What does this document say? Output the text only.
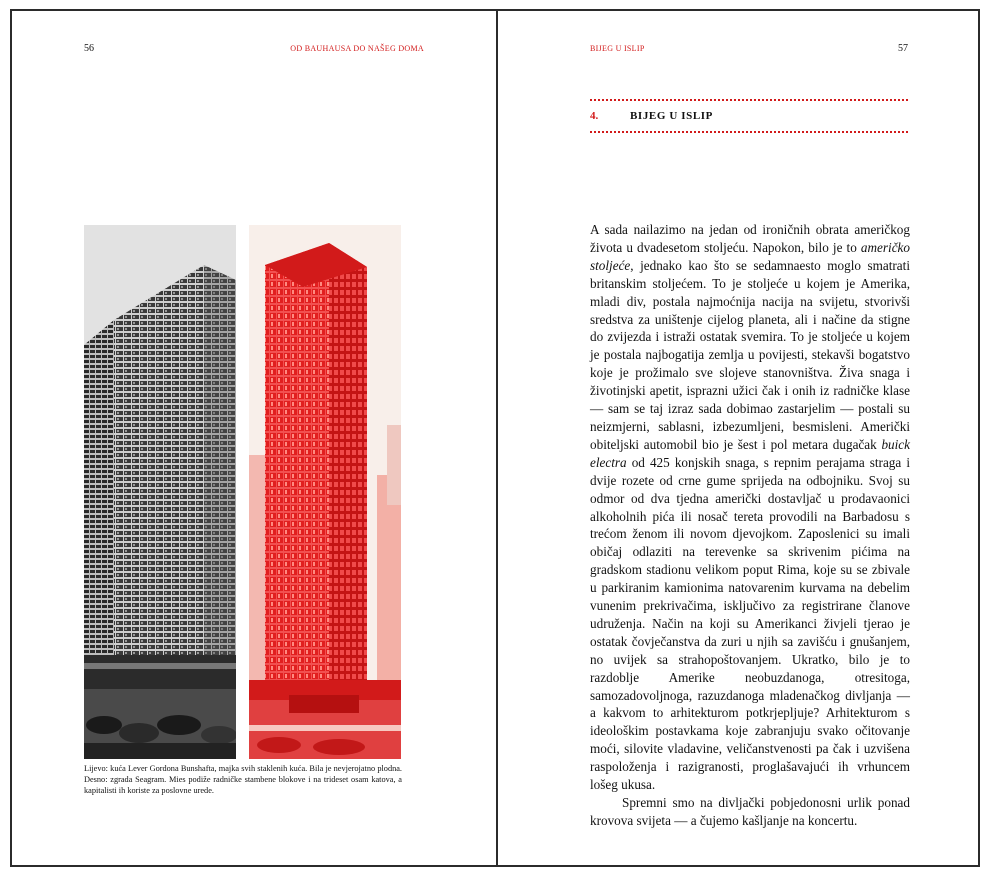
56	OD BAUHAUSA DO NAŠEG DOMA
Lijevo: kuća Lever Gordona Bunshafta, majka svih staklenih kuća. Bila je nevjerojatno plodna. Desno: zgrada Seagram. Mies podiže radničke stambene blokove i na trideset osam katova, a kapitalisti ih koriste za poslovne urede.
BIJEG U ISLIP	57
4.	BIJEG U ISLIP

A sada nailazimo na jedan od ironičnih obrata američkog života u dvadesetom stoljeću. Napokon, bilo je to američko stoljeće, jednako kao što se sedamnaesto moglo smatrati britanskim stoljećem. To je stoljeće u kojem je Amerika, mladi div, postala najmoćnija nacija na svijetu, stvorivši sredstva za uništenje cijelog planeta, ali i načine da stigne do zvijezda i istraži ostatak svemira. To je stoljeće u kojem je postala najbogatija zemlja u povijesti, stekavši bogatstvo koje je prožimalo sve slojeve stanovništva. Živa snaga i životinjski apetit, isprazni užici čak i onih iz radničke klase — sam se taj izraz sada dobimao zastarjelim — postali su neizmjerni, sablasni, izbezumljeni, besmisleni. Američki obiteljski automobil bio je šest i pol metara dugačak buick electra od 425 konjskih snaga, s repnim perajama straga i dvije rozete od crne gume sprijeda na odbojniku. Svoj su odmor od dva tjedna američki dostavljač u prodavaonici alkoholnih pića ili nosač tereta provodili na Barbadosu s trećom ženom ili novom djevojkom. Zaposlenici su imali običaj odlaziti na terevenke sa skrivenim pićima na gradskom stadionu velikom poput Rima, koje su se zbivale u parkiranim kamionima natovarenim kurvama na debelim vunenim prekrivačima, isključivo za registrirane članove udruženja. Način na koji su Amerikanci živjeli tjerao je ostatak čovječanstva da zuri u njih sa zavišću i gnušanjem, no uvijek sa strahopoštovanjem. Ukratko, bilo je to razdoblje Amerike neobuzdanoga, otresitoga, samozadovoljnoga, razuzdanoga mladenačkog divljanja — a kakvom to arhitekturom potkrjepljuje? Arhitekturom s ideološkim postavkama koje zabranjuju svako očitovanje moći, silovite vladavine, veličanstvenosti pa čak i uzvišena raspoloženja i razigranosti, proglašavajući ih vrhuncem lošeg ukusa.

Spremni smo na divljački pobjedonosni urlik ponad krovova svijeta — a čujemo kašljanje na koncertu.
